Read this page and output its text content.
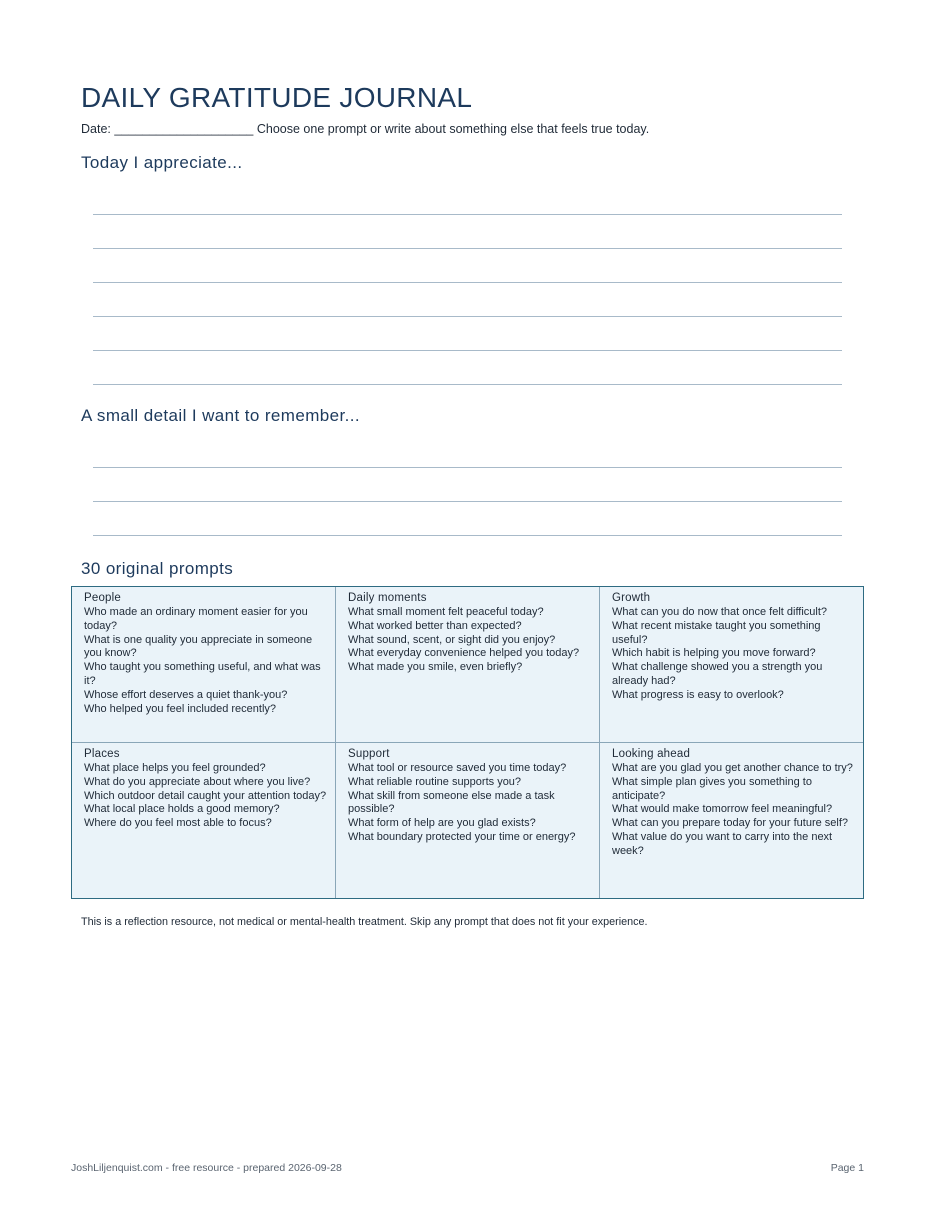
DAILY GRATITUDE JOURNAL
Date: ____________________ Choose one prompt or write about something else that feels true today.
Today I appreciate...
A small detail I want to remember...
30 original prompts
People
Who made an ordinary moment easier for you today?
What is one quality you appreciate in someone you know?
Who taught you something useful, and what was it?
Whose effort deserves a quiet thank-you?
Who helped you feel included recently?
Daily moments
What small moment felt peaceful today?
What worked better than expected?
What sound, scent, or sight did you enjoy?
What everyday convenience helped you today?
What made you smile, even briefly?
Growth
What can you do now that once felt difficult?
What recent mistake taught you something useful?
Which habit is helping you move forward?
What challenge showed you a strength you already had?
What progress is easy to overlook?
Places
What place helps you feel grounded?
What do you appreciate about where you live?
Which outdoor detail caught your attention today?
What local place holds a good memory?
Where do you feel most able to focus?
Support
What tool or resource saved you time today?
What reliable routine supports you?
What skill from someone else made a task possible?
What form of help are you glad exists?
What boundary protected your time or energy?
Looking ahead
What are you glad you get another chance to try?
What simple plan gives you something to anticipate?
What would make tomorrow feel meaningful?
What can you prepare today for your future self?
What value do you want to carry into the next week?
This is a reflection resource, not medical or mental-health treatment. Skip any prompt that does not fit your experience.
JoshLiljenquist.com - free resource - prepared 2026-09-28	Page 1
